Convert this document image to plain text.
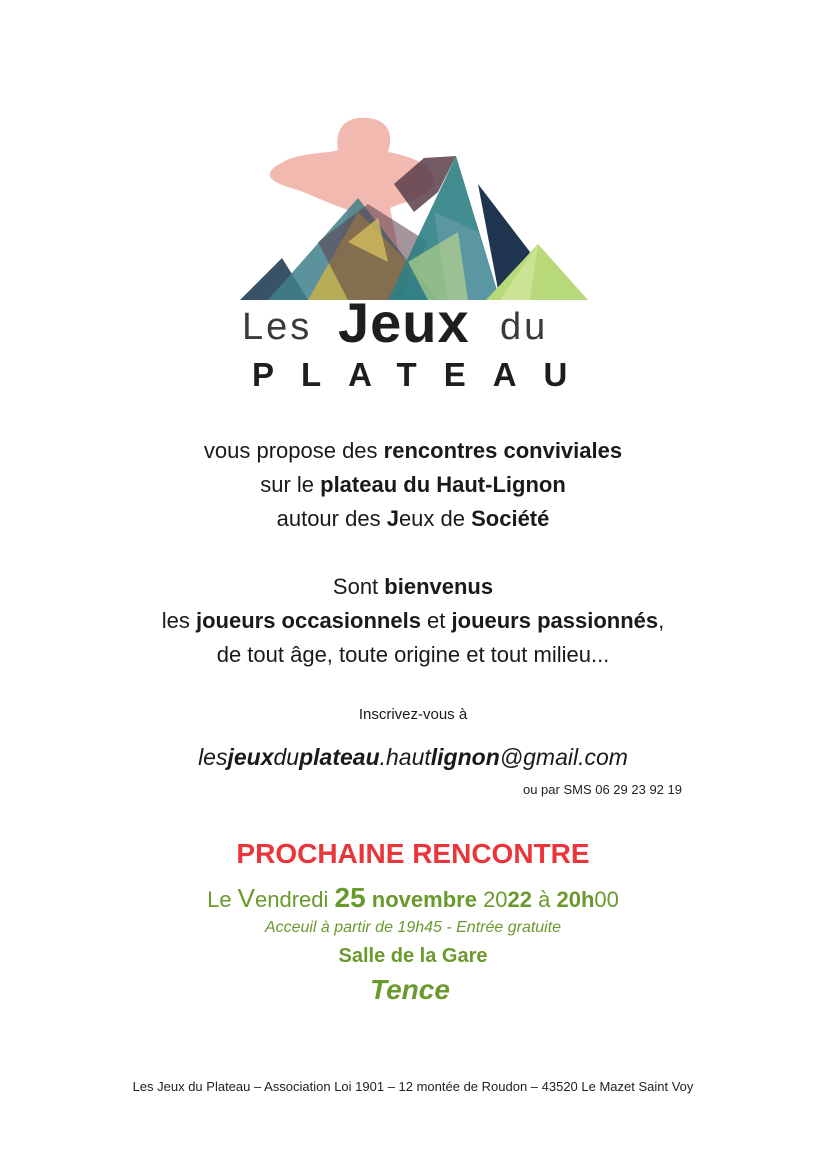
Les Jeux du
PLATEAU
vous propose des rencontres conviviales
sur le plateau du Haut-Lignon
autour des Jeux de Société
Sont bienvenus
les joueurs occasionnels et joueurs passionnés,
de tout âge, toute origine et tout milieu...
Inscrivez-vous à
lesjeuxduplateau.hautlignon@gmail.com
ou par SMS 06 29 23 92 19
PROCHAINE RENCONTRE
Le Vendredi 25 novembre 2022 à 20h00
Acceuil à partir de 19h45 - Entrée gratuite
Salle de la Gare
Tence
Les Jeux du Plateau – Association Loi 1901 – 12 montée de Roudon – 43520 Le Mazet Saint Voy
